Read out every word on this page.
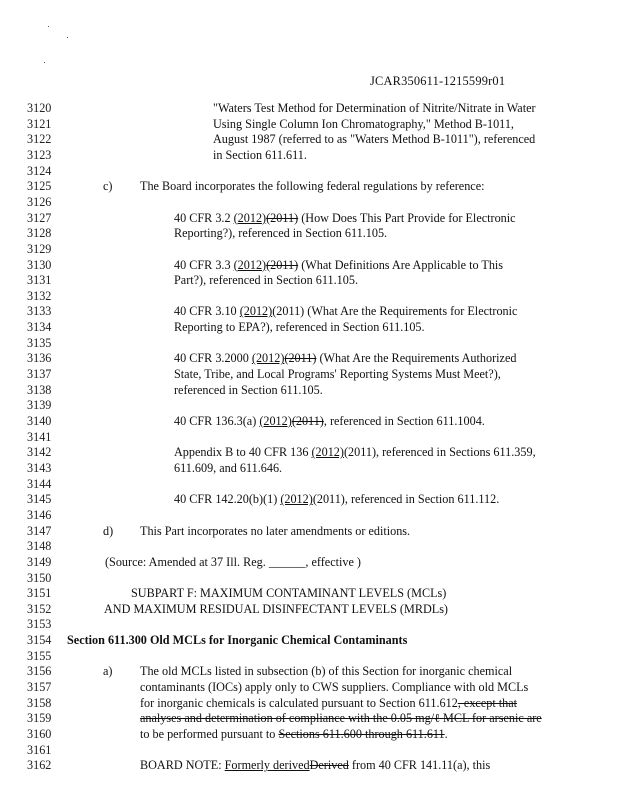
JCAR350611-1215599r01
3120	"Waters Test Method for Determination of Nitrite/Nitrate in Water
3121	Using Single Column Ion Chromatography," Method B-1011,
3122	August 1987 (referred to as "Waters Method B-1011"), referenced
3123	in Section 611.611.
3124
3125	c) The Board incorporates the following federal regulations by reference:
3126
3127	40 CFR 3.2 (2012)(2011) (How Does This Part Provide for Electronic
3128	Reporting?), referenced in Section 611.105.
3129
3130	40 CFR 3.3 (2012)(2011) (What Definitions Are Applicable to This
3131	Part?), referenced in Section 611.105.
3132
3133	40 CFR 3.10 (2012)(2011) (What Are the Requirements for Electronic
3134	Reporting to EPA?), referenced in Section 611.105.
3135
3136	40 CFR 3.2000 (2012)(2011) (What Are the Requirements Authorized
3137	State, Tribe, and Local Programs' Reporting Systems Must Meet?),
3138	referenced in Section 611.105.
3139
3140	40 CFR 136.3(a) (2012)(2011), referenced in Section 611.1004.
3141
3142	Appendix B to 40 CFR 136 (2012)(2011), referenced in Sections 611.359,
3143	611.609, and 611.646.
3144
3145	40 CFR 142.20(b)(1) (2012)(2011), referenced in Section 611.112.
3146
3147	d) This Part incorporates no later amendments or editions.
3148
3149	(Source: Amended at 37 Ill. Reg. ______, effective )
3150
3151	SUBPART F: MAXIMUM CONTAMINANT LEVELS (MCLs)
3152	AND MAXIMUM RESIDUAL DISINFECTANT LEVELS (MRDLs)
3153
3154	Section 611.300 Old MCLs for Inorganic Chemical Contaminants
3155
3156	a) The old MCLs listed in subsection (b) of this Section for inorganic chemical
3157	contaminants (IOCs) apply only to CWS suppliers. Compliance with old MCLs
3158	for inorganic chemicals is calculated pursuant to Section 611.612, except that
3159	analyses and determination of compliance with the 0.05 mg/ℓ MCL for arsenic are
3160	to be performed pursuant to Sections 611.600 through 611.611.
3161
3162	BOARD NOTE: Formerly derivedDerived from 40 CFR 141.11(a), this
